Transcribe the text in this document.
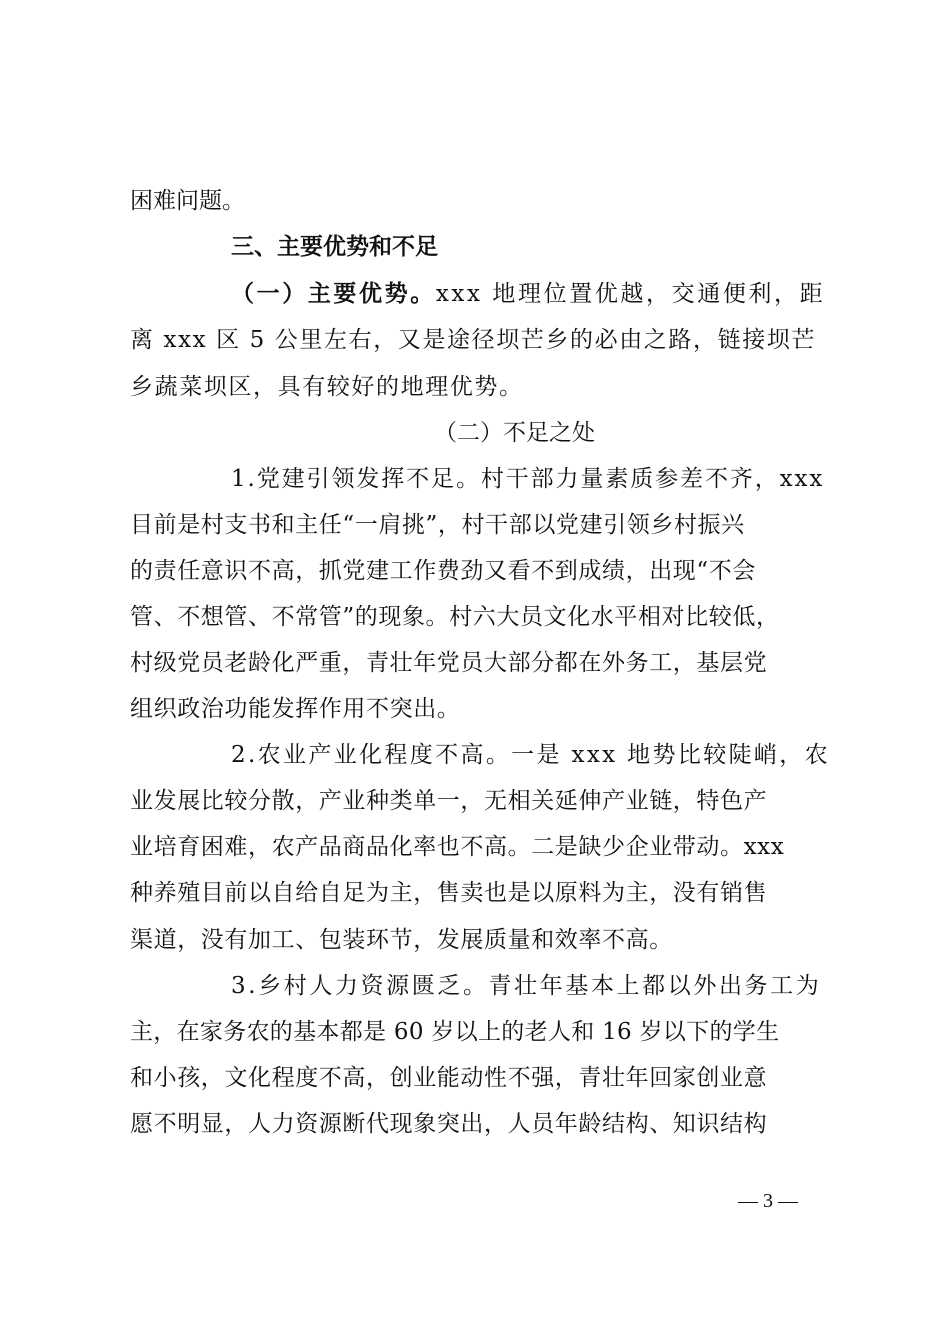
困难问题。
三、主要优势和不足
（一）主要优势。xxx 地理位置优越，交通便利，距
离 xxx 区 5 公里左右，又是途径坝芒乡的必由之路，链接坝芒
乡蔬菜坝区，具有较好的地理优势。
（二）不足之处
1.党建引领发挥不足。村干部力量素质参差不齐，xxx
目前是村支书和主任“一肩挑”，村干部以党建引领乡村振兴
的责任意识不高，抓党建工作费劲又看不到成绩，出现“不会
管、不想管、不常管”的现象。村六大员文化水平相对比较低，
村级党员老龄化严重，青壮年党员大部分都在外务工，基层党
组织政治功能发挥作用不突出。
2.农业产业化程度不高。一是 xxx 地势比较陡峭，农
业发展比较分散，产业种类单一，无相关延伸产业链，特色产
业培育困难，农产品商品化率也不高。二是缺少企业带动。xxx
种养殖目前以自给自足为主，售卖也是以原料为主，没有销售
渠道，没有加工、包装环节，发展质量和效率不高。
3.乡村人力资源匮乏。青壮年基本上都以外出务工为
主，在家务农的基本都是 60 岁以上的老人和 16 岁以下的学生
和小孩，文化程度不高，创业能动性不强，青壮年回家创业意
愿不明显，人力资源断代现象突出，人员年龄结构、知识结构
— 3 —
